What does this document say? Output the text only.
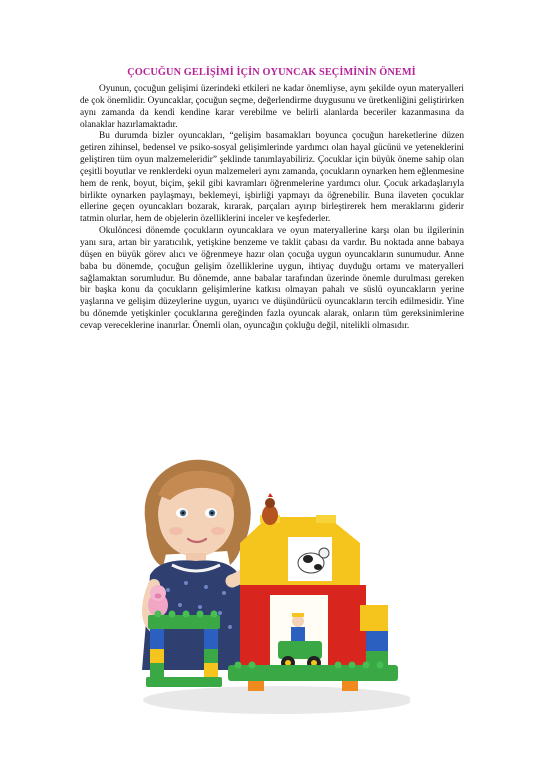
ÇOCUĞUN GELİŞİMİ İÇİN OYUNCAK SEÇİMİNİN ÖNEMİ

Oyunun, çocuğun gelişimi üzerindeki etkileri ne kadar önemliyse, aynı şekilde oyun materyalleri de çok önemlidir. Oyuncaklar, çocuğun seçme, değerlendirme duygusunu ve üretkenliğini geliştirirken aynı zamanda da kendi kendine karar verebilme ve belirli alanlarda beceriler kazanmasına da olanaklar hazırlamaktadır.

Bu durumda bizler oyuncakları, “gelişim basamakları boyunca çocuğun hareketlerine düzen getiren zihinsel, bedensel ve psiko-sosyal gelişimlerinde yardımcı olan hayal gücünü ve yeteneklerini geliştiren tüm oyun malzemeleridir” şeklinde tanımlayabiliriz. Çocuklar için büyük öneme sahip olan çeşitli boyutlar ve renklerdeki oyun malzemeleri aynı zamanda, çocukların oynarken hem eğlenmesine hem de renk, boyut, biçim, şekil gibi kavramları öğrenmelerine yardımcı olur. Çocuk arkadaşlarıyla birlikte oynarken paylaşmayı, beklemeyi, işbirliği yapmayı da öğrenebilir. Buna ilaveten çocuklar ellerine geçen oyuncakları bozarak, kırarak, parçaları ayırıp birleştirerek hem meraklarını giderir tatmin olurlar, hem de objelerin özelliklerini inceler ve keşfederler.

Okulöncesi dönemde çocukların oyuncaklara ve oyun materyallerine karşı olan bu ilgilerinin yanı sıra, artan bir yaratıcılık, yetişkine benzeme ve taklit çabası da vardır. Bu noktada anne babaya düşen en büyük görev alıcı ve öğrenmeye hazır olan çocuğa uygun oyuncakların sunumudur. Anne baba bu dönemde, çocuğun gelişim özelliklerine uygun, ihtiyaç duyduğu ortamı ve materyalleri sağlamaktan sorumludur. Bu dönemde, anne babalar tarafından üzerinde önemle durulması gereken bir başka konu da çocukların gelişimlerine katkısı olmayan pahalı ve süslü oyuncakların yerine yaşlarına ve gelişim düzeylerine uygun, uyarıcı ve düşündürücü oyuncakların tercih edilmesidir. Yine bu dönemde yetişkinler çocuklarına gereğinden fazla oyuncak alarak, onların tüm gereksinimlerine cevap vereceklerine inanırlar. Önemli olan, oyuncağın çokluğu değil, nitelikli olmasıdır.
